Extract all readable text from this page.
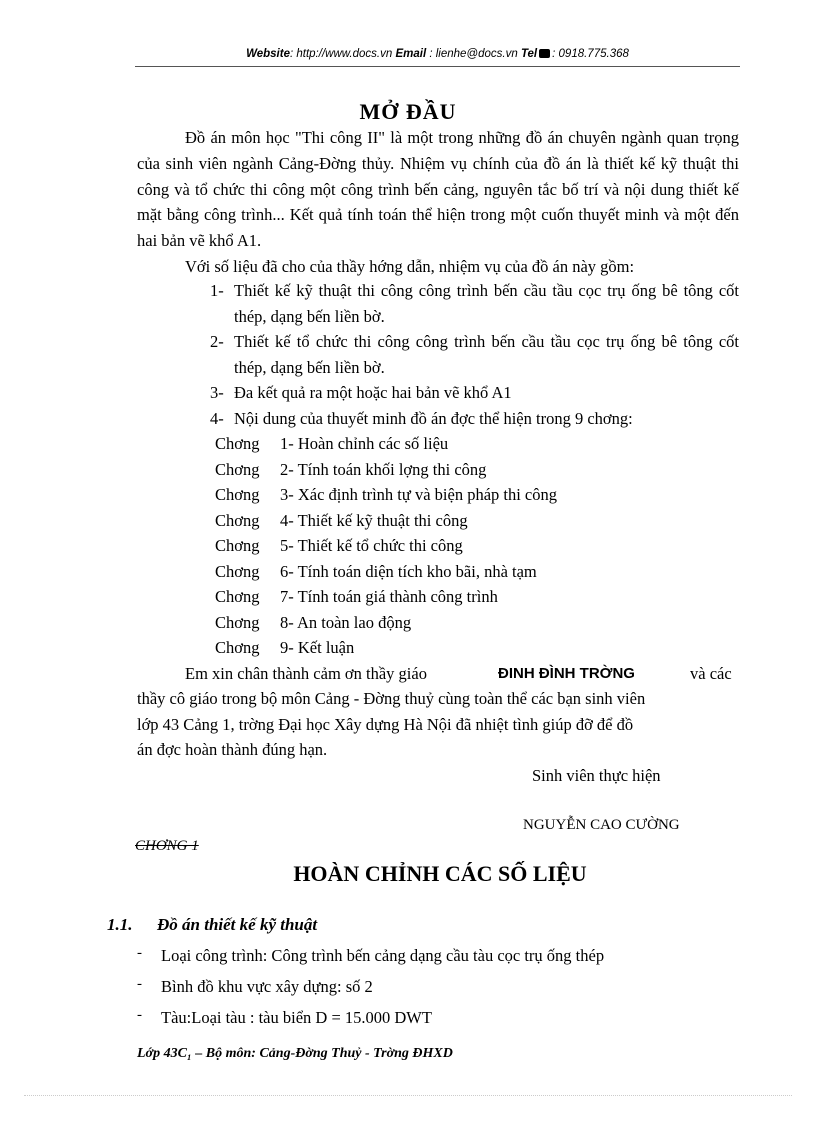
Website: http://www.docs.vn Email : lienhe@docs.vn Tel : 0918.775.368
MỞ ĐẦU

Đồ án môn học "Thi công II" là một trong những đồ án chuyên ngành quan trọng của sinh viên ngành Cảng-Đờng thủy. Nhiệm vụ chính của đồ án là thiết kế kỹ thuật thi công và tổ chức thi công một công trình bến cảng, nguyên tắc bố trí và nội dung thiết kế mặt bằng công trình... Kết quả tính toán thể hiện trong một cuốn thuyết minh và một đến hai bản vẽ khổ A1.

Với số liệu đã cho của thầy hớng dẫn, nhiệm vụ của đồ án này gồm:

1- Thiết kế kỹ thuật thi công công trình bến cầu tầu cọc trụ ống bê tông cốt thép, dạng bến liền bờ.
2- Thiết kế tổ chức thi công công trình bến cầu tầu cọc trụ ống bê tông cốt thép, dạng bến liền bờ.
3- Đa kết quả ra một hoặc hai bản vẽ khổ A1
4- Nội dung của thuyết minh đồ án đợc thể hiện trong 9 chơng:
Chơng 1- Hoàn chỉnh các số liệu
Chơng 2- Tính toán khối lợng thi công
Chơng 3- Xác định trình tự và biện pháp thi công
Chơng 4- Thiết kế kỹ thuật thi công
Chơng 5- Thiết kế tổ chức thi công
Chơng 6- Tính toán diện tích kho bãi, nhà tạm
Chơng 7- Tính toán giá thành công trình
Chơng 8- An toàn lao động
Chơng 9- Kết luận
Em xin chân thành cảm ơn thầy giáo	ĐINH ĐÌNH TRỜNG	và các
thầy cô giáo trong bộ môn Cảng - Đờng thuỷ cùng toàn thể các bạn sinh viên
lớp 43 Cảng 1, trờng Đại học Xây dựng Hà Nội đã nhiệt tình giúp đỡ để đồ
án đợc hoàn thành đúng hạn.
Sinh viên thực hiện
NGUYỄN CAO CƯỜNG
CHƠNG 1
HOÀN CHỈNH CÁC SỐ LIỆU
1.1. Đồ án thiết kế kỹ thuật
- Loại công trình: Công trình bến cảng dạng cầu tàu cọc trụ ống thép
- Bình đồ khu vực xây dựng: số 2
- Tàu:Loại tàu : tàu biển D = 15.000 DWT
Lớp 43C₁ – Bộ môn: Cảng-Đờng Thuỷ - Trờng ĐHXD
